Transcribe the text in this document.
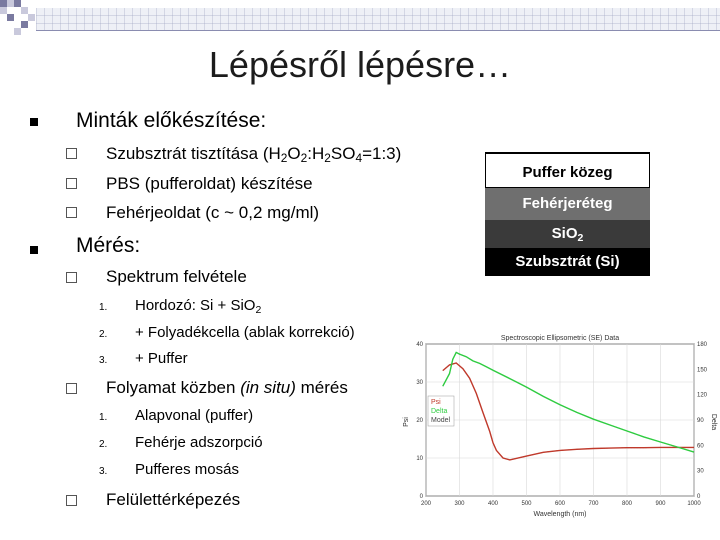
Lépésről lépésre…
Minták előkészítése:
Szubsztrát tisztítása $(H_2O_2:H_2SO_4=1:3)$
PBS (pufferoldat) készítése
Fehérjeoldat (c ~ 0,2 mg/ml)
Mérés:
Spektrum felvétele
1. Hordozó: Si + SiO$_2$
2. + Folyadékcella (ablak korrekció)
3. + Puffer
Folyamat közben (in situ) mérés
1. Alapvonal (puffer)
2. Fehérje adszorpció
3. Pufferes mosás
Felülettérképezés
Puffer közeg
Fehérjeréteg
SiO$_2$
Szubsztrát (Si)
Spectroscopic Ellipsometric (SE) Data
200	300	400	500	600	700	800	900	1000
0
10
20
30
40
0
30
60
90
120
150
180
Wavelength (nm)
Psi	Delta
Psi
Delta
Model
